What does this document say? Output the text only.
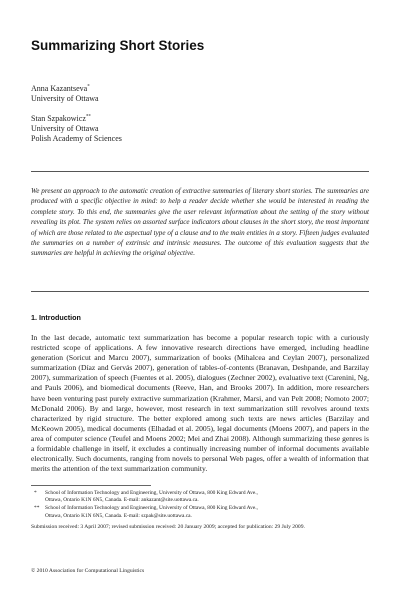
Summarizing Short Stories
Anna Kazantseva*
University of Ottawa
Stan Szpakowicz**
University of Ottawa
Polish Academy of Sciences
We present an approach to the automatic creation of extractive summaries of literary short stories. The summaries are produced with a specific objective in mind: to help a reader decide whether she would be interested in reading the complete story. To this end, the summaries give the user relevant information about the setting of the story without revealing its plot. The system relies on assorted surface indicators about clauses in the short story, the most important of which are those related to the aspectual type of a clause and to the main entities in a story. Fifteen judges evaluated the summaries on a number of extrinsic and intrinsic measures. The outcome of this evaluation suggests that the summaries are helpful in achieving the original objective.
1. Introduction
In the last decade, automatic text summarization has become a popular research topic with a curiously restricted scope of applications. A few innovative research directions have emerged, including headline generation (Soricut and Marcu 2007), summarization of books (Mihalcea and Ceylan 2007), personalized summarization (Díaz and Gervás 2007), generation of tables-of-contents (Branavan, Deshpande, and Barzilay 2007), summarization of speech (Fuentes et al. 2005), dialogues (Zechner 2002), evaluative text (Carenini, Ng, and Pauls 2006), and biomedical documents (Reeve, Han, and Brooks 2007). In addition, more researchers have been venturing past purely extractive summarization (Krahmer, Marsi, and van Pelt 2008; Nomoto 2007; McDonald 2006). By and large, however, most research in text summarization still revolves around texts characterized by rigid structure. The better explored among such texts are news articles (Barzilay and McKeown 2005), medical documents (Elhadad et al. 2005), legal documents (Moens 2007), and papers in the area of computer science (Teufel and Moens 2002; Mei and Zhai 2008). Although summarizing these genres is a formidable challenge in itself, it excludes a continually increasing number of informal documents available electronically. Such documents, ranging from novels to personal Web pages, offer a wealth of information that merits the attention of the text summarization community.
* School of Information Technology and Engineering, University of Ottawa, 800 King Edward Ave.,
Ottawa, Ontario K1N 6N5, Canada. E-mail: ankazant@site.uottawa.ca.
** School of Information Technology and Engineering, University of Ottawa, 800 King Edward Ave.,
Ottawa, Ontario K1N 6N5, Canada. E-mail: szpak@site.uottawa.ca.
Submission received: 3 April 2007; revised submission received: 20 January 2009; accepted for publication: 29 July 2009.
© 2010 Association for Computational Linguistics
